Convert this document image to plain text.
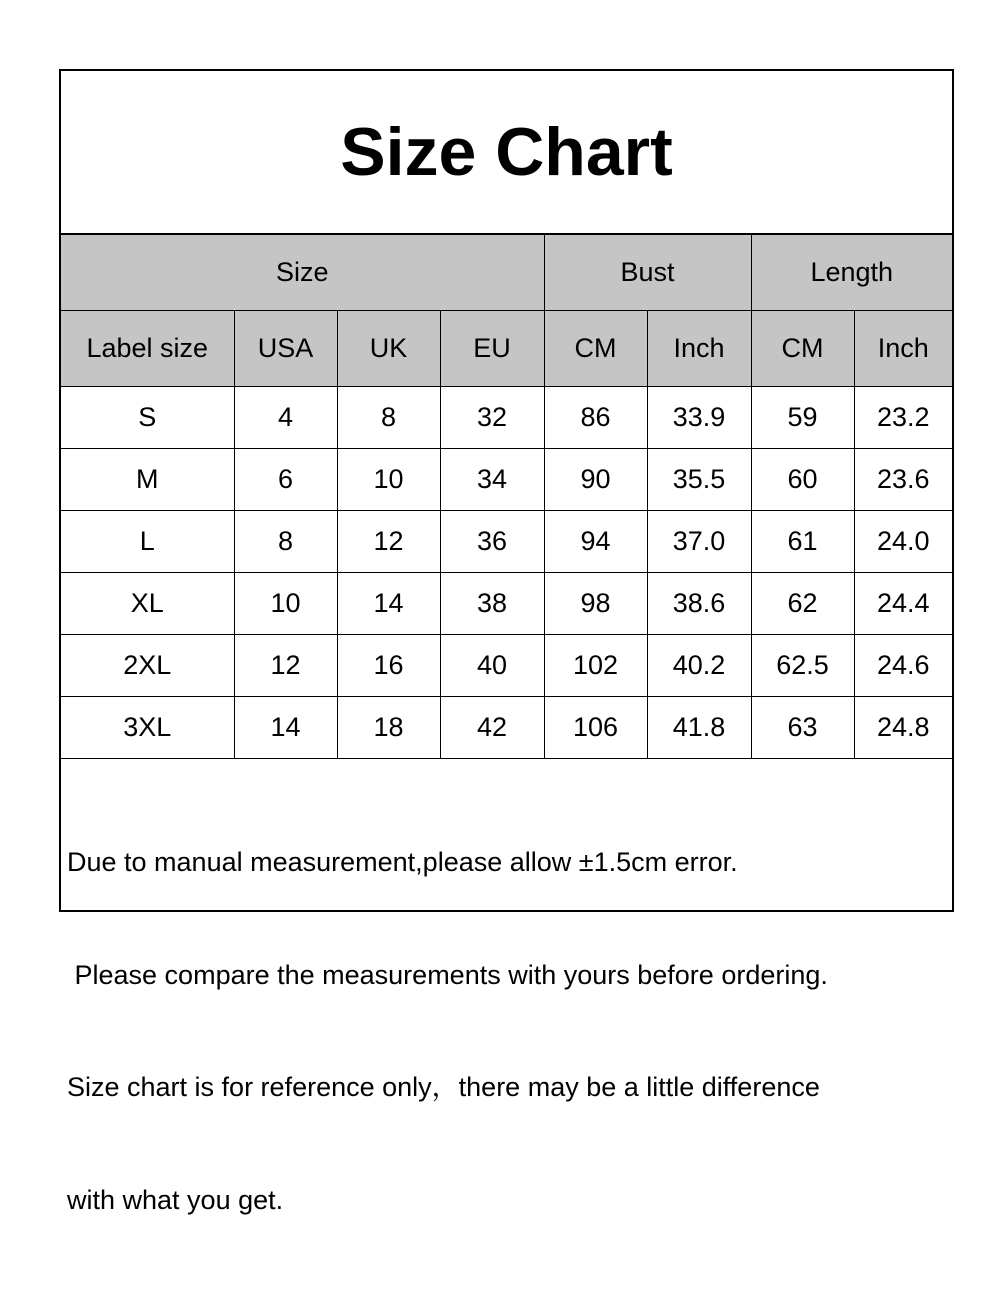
Size Chart
Size				Bust		Length	
Label size	USA	UK	EU	CM	Inch	CM	Inch
S	4	8	32	86	33.9	59	23.2
M	6	10	34	90	35.5	60	23.6
L	8	12	36	94	37.0	61	24.0
XL	10	14	38	98	38.6	62	24.4
2XL	12	16	40	102	40.2	62.5	24.6
3XL	14	18	42	106	41.8	63	24.8

Due to manual measurement,please allow ±1.5cm error.

Please compare the measurements with yours before ordering.

Size chart is for reference only，there may be a little difference

with what you get.
